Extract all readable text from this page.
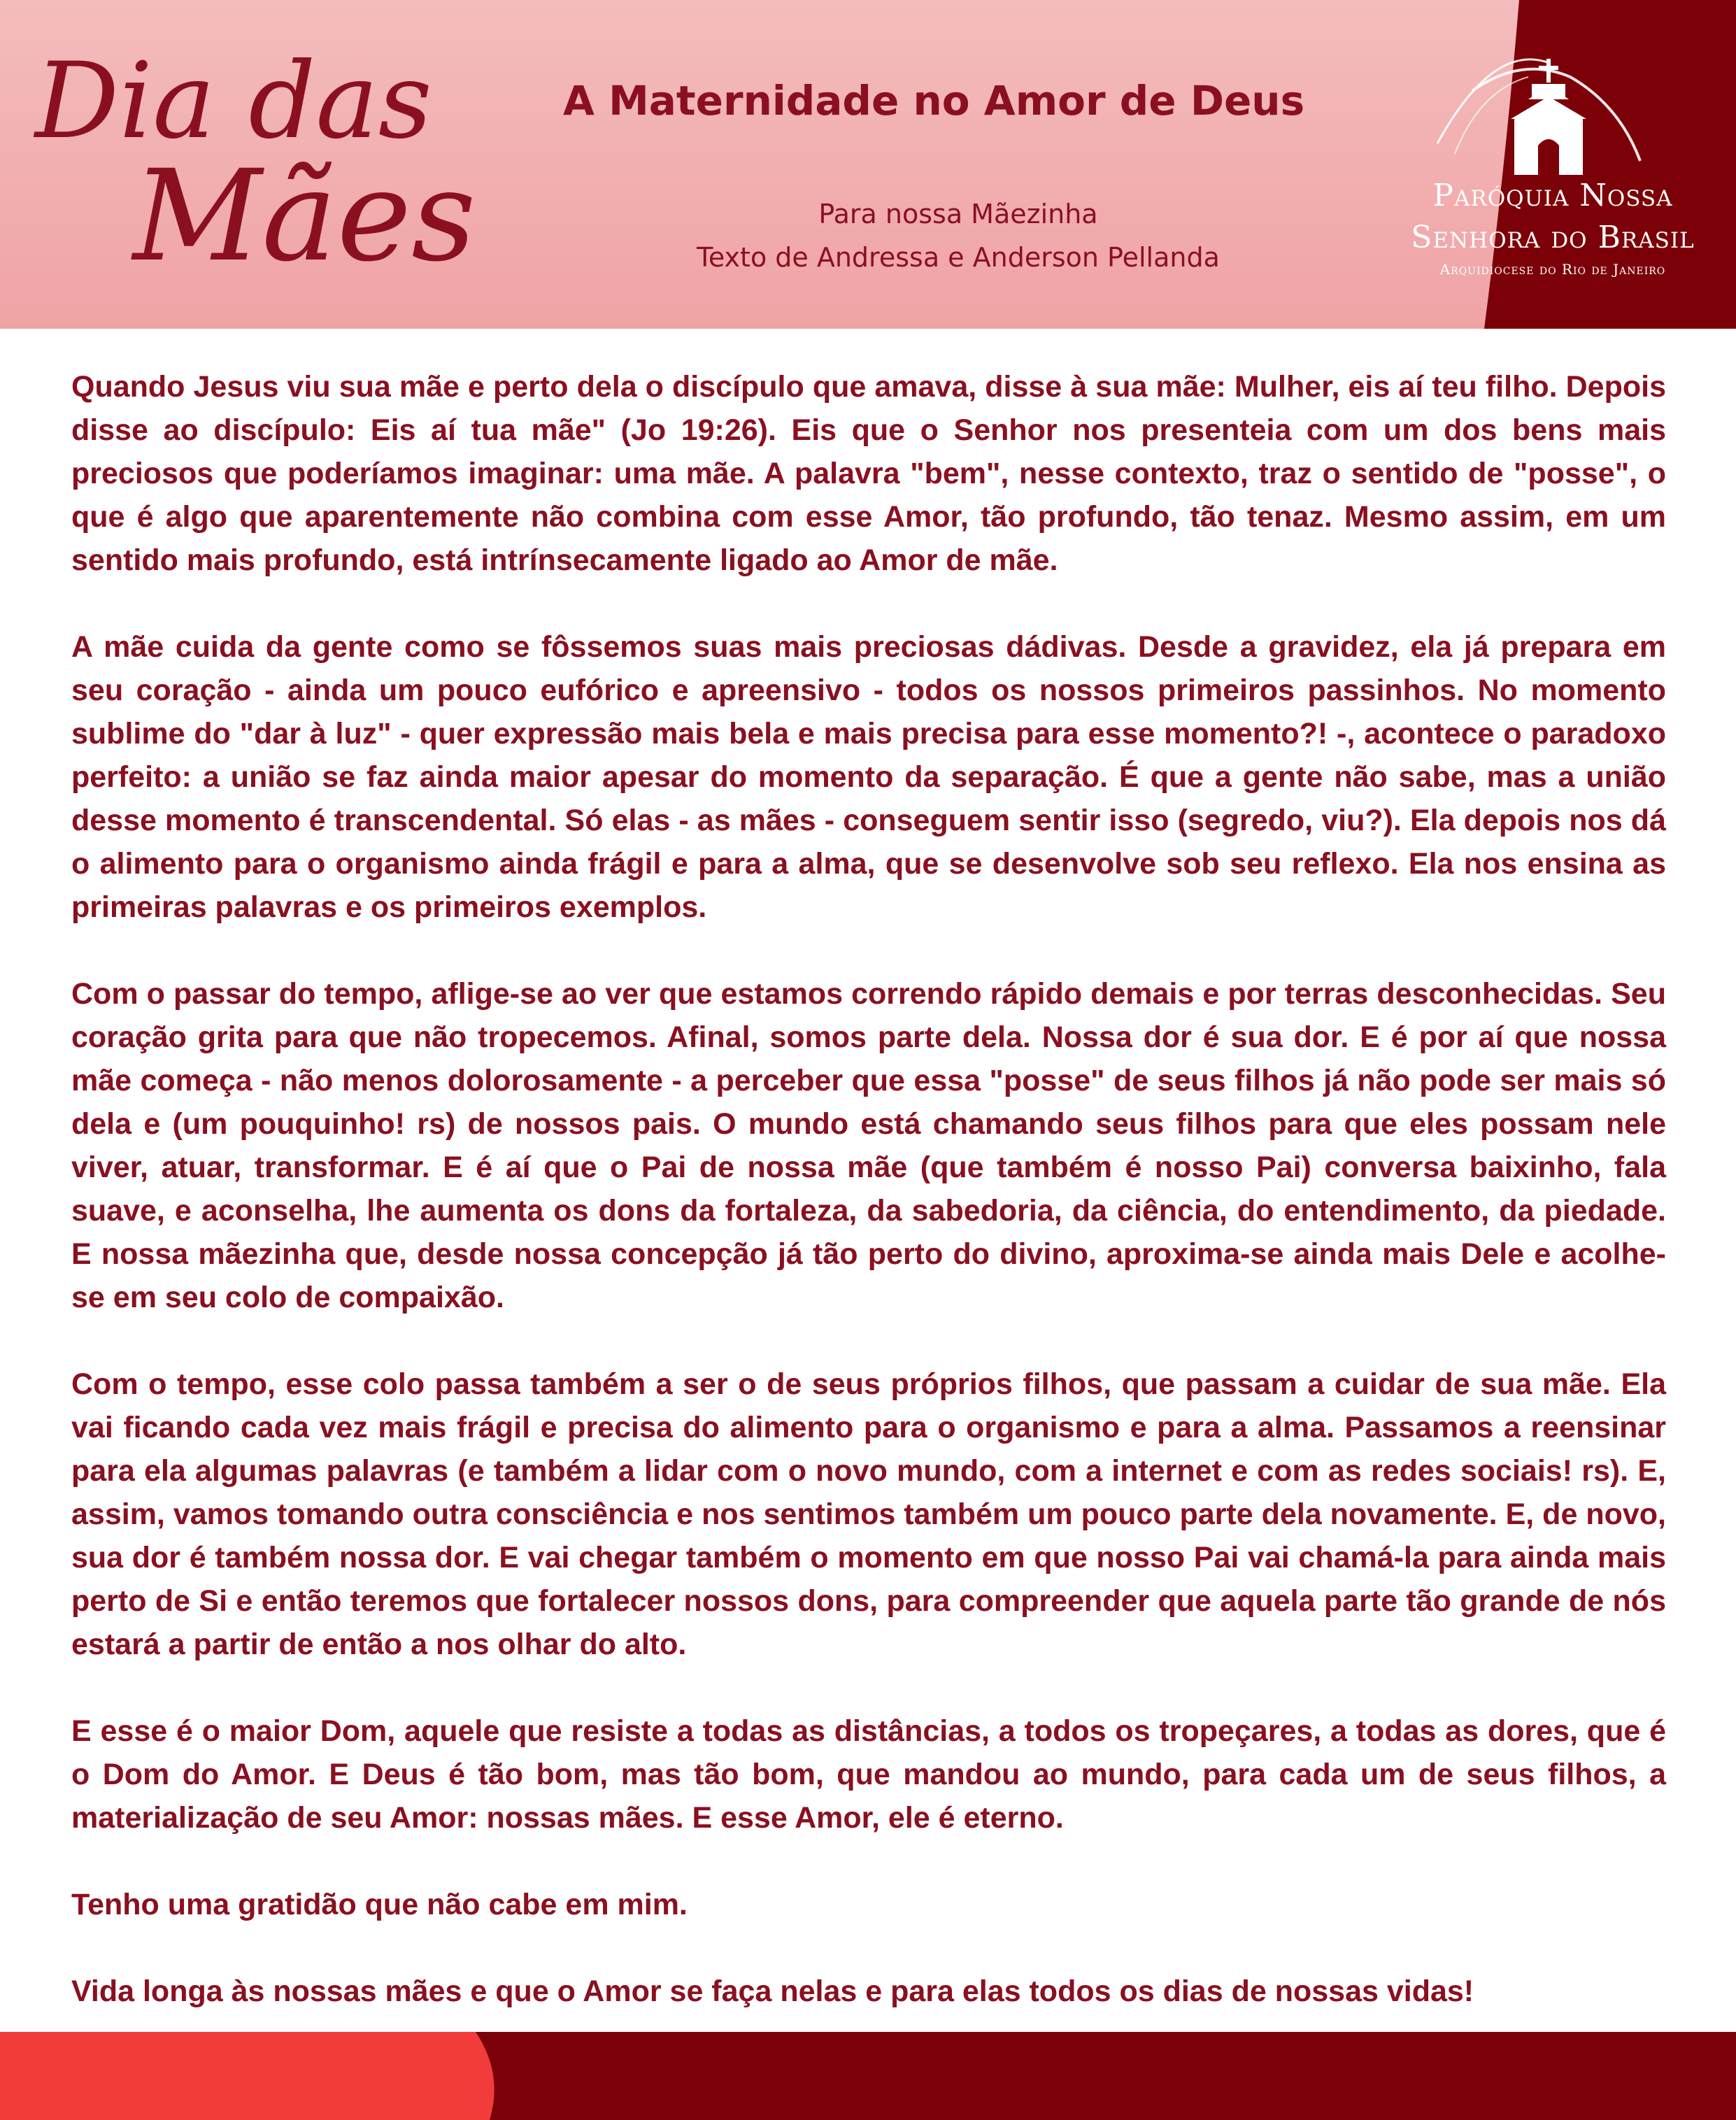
Dia das
Mães
A Maternidade no Amor de Deus
Para nossa Mãezinha
Texto de Andressa e Anderson Pellanda
Paróquia Nossa
Senhora do Brasil
Arquidiocese do Rio de Janeiro

Quando Jesus viu sua mãe e perto dela o discípulo que amava, disse à sua mãe: Mulher, eis aí teu filho. Depois disse ao discípulo: Eis aí tua mãe" (Jo 19:26). Eis que o Senhor nos presenteia com um dos bens mais preciosos que poderíamos imaginar: uma mãe. A palavra "bem", nesse contexto, traz o sentido de "posse", o que é algo que aparentemente não combina com esse Amor, tão profundo, tão tenaz. Mesmo assim, em um sentido mais profundo, está intrínsecamente ligado ao Amor de mãe.

A mãe cuida da gente como se fôssemos suas mais preciosas dádivas. Desde a gravidez, ela já prepara em seu coração - ainda um pouco eufórico e apreensivo - todos os nossos primeiros passinhos. No momento sublime do "dar à luz" - quer expressão mais bela e mais precisa para esse momento?! -, acontece o paradoxo perfeito: a união se faz ainda maior apesar do momento da separação. É que a gente não sabe, mas a união desse momento é transcendental. Só elas - as mães - conseguem sentir isso (segredo, viu?). Ela depois nos dá o alimento para o organismo ainda frágil e para a alma, que se desenvolve sob seu reflexo. Ela nos ensina as primeiras palavras e os primeiros exemplos.

Com o passar do tempo, aflige-se ao ver que estamos correndo rápido demais e por terras desconhecidas. Seu coração grita para que não tropecemos. Afinal, somos parte dela. Nossa dor é sua dor. E é por aí que nossa mãe começa - não menos dolorosamente - a perceber que essa "posse" de seus filhos já não pode ser mais só dela e (um pouquinho! rs) de nossos pais. O mundo está chamando seus filhos para que eles possam nele viver, atuar, transformar. E é aí que o Pai de nossa mãe (que também é nosso Pai) conversa baixinho, fala suave, e aconselha, lhe aumenta os dons da fortaleza, da sabedoria, da ciência, do entendimento, da piedade. E nossa mãezinha que, desde nossa concepção já tão perto do divino, aproxima-se ainda mais Dele e acolhe-se em seu colo de compaixão.

Com o tempo, esse colo passa também a ser o de seus próprios filhos, que passam a cuidar de sua mãe. Ela vai ficando cada vez mais frágil e precisa do alimento para o organismo e para a alma. Passamos a reensinar para ela algumas palavras (e também a lidar com o novo mundo, com a internet e com as redes sociais! rs). E, assim, vamos tomando outra consciência e nos sentimos também um pouco parte dela novamente. E, de novo, sua dor é também nossa dor. E vai chegar também o momento em que nosso Pai vai chamá-la para ainda mais perto de Si e então teremos que fortalecer nossos dons, para compreender que aquela parte tão grande de nós estará a partir de então a nos olhar do alto.

E esse é o maior Dom, aquele que resiste a todas as distâncias, a todos os tropeçares, a todas as dores, que é o Dom do Amor. E Deus é tão bom, mas tão bom, que mandou ao mundo, para cada um de seus filhos, a materialização de seu Amor: nossas mães. E esse Amor, ele é eterno.

Tenho uma gratidão que não cabe em mim.

Vida longa às nossas mães e que o Amor se faça nelas e para elas todos os dias de nossas vidas!
